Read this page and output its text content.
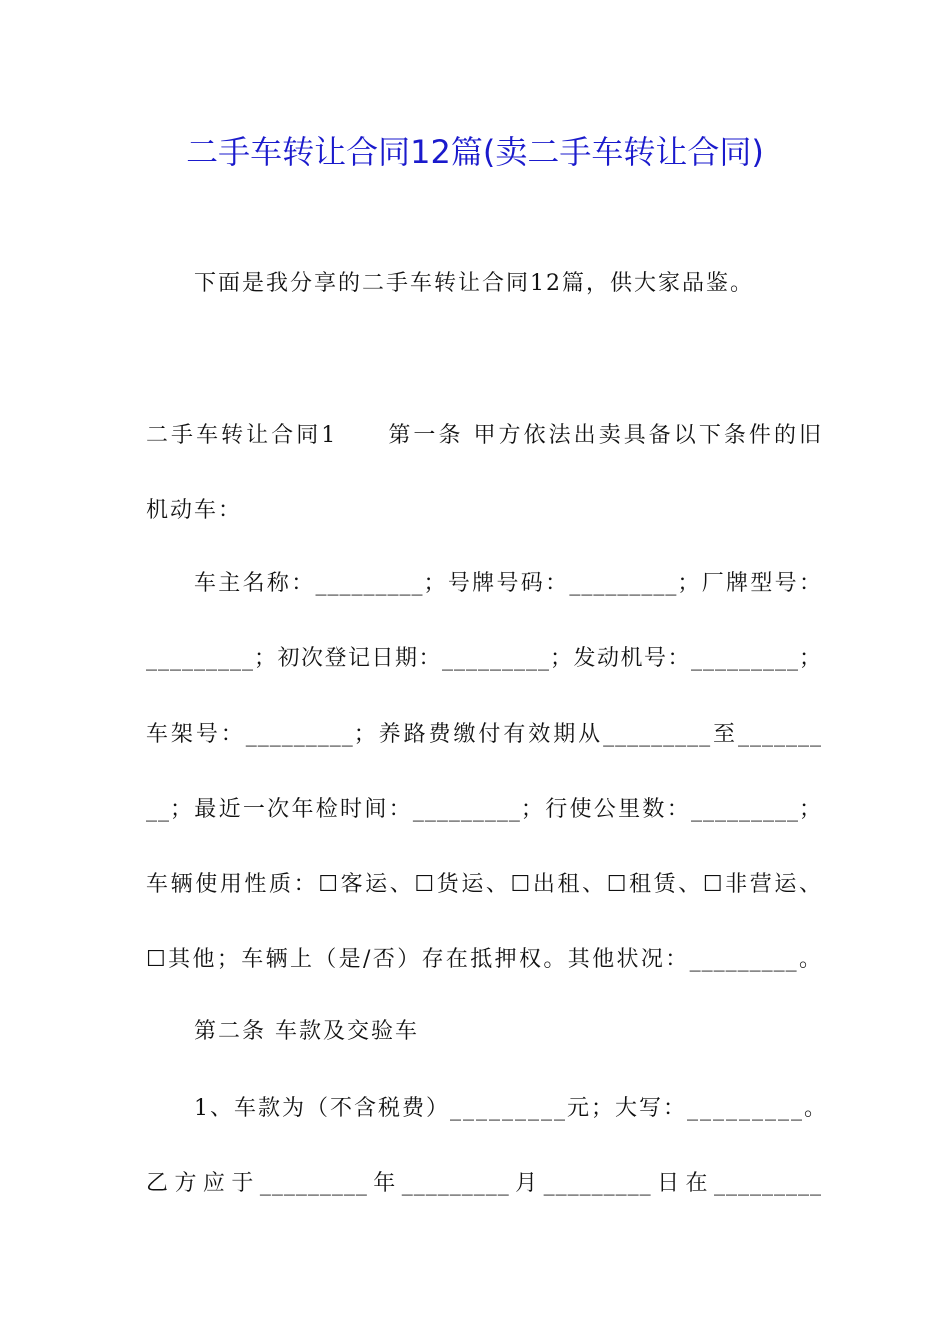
二手车转让合同12篇(卖二手车转让合同)
下面是我分享的二手车转让合同12篇，供大家品鉴。
二手车转让合同1　　第一条 甲方依法出卖具备以下条件的旧
机动车：
车主名称：_________；号牌号码：_________；厂牌型号：
_________；初次登记日期：_________；发动机号：_________；
车架号：_________；养路费缴付有效期从_________至_______
__；最近一次年检时间：_________；行使公里数：_________；
车辆使用性质：☐客运、☐货运、☐出租、☐租赁、☐非营运、
☐其他；车辆上（是/否）存在抵押权。其他状况：_________。
第二条 车款及交验车
1、车款为（不含税费）_________元；大写：_________。
乙方应于_________年_________月_________日在_________
